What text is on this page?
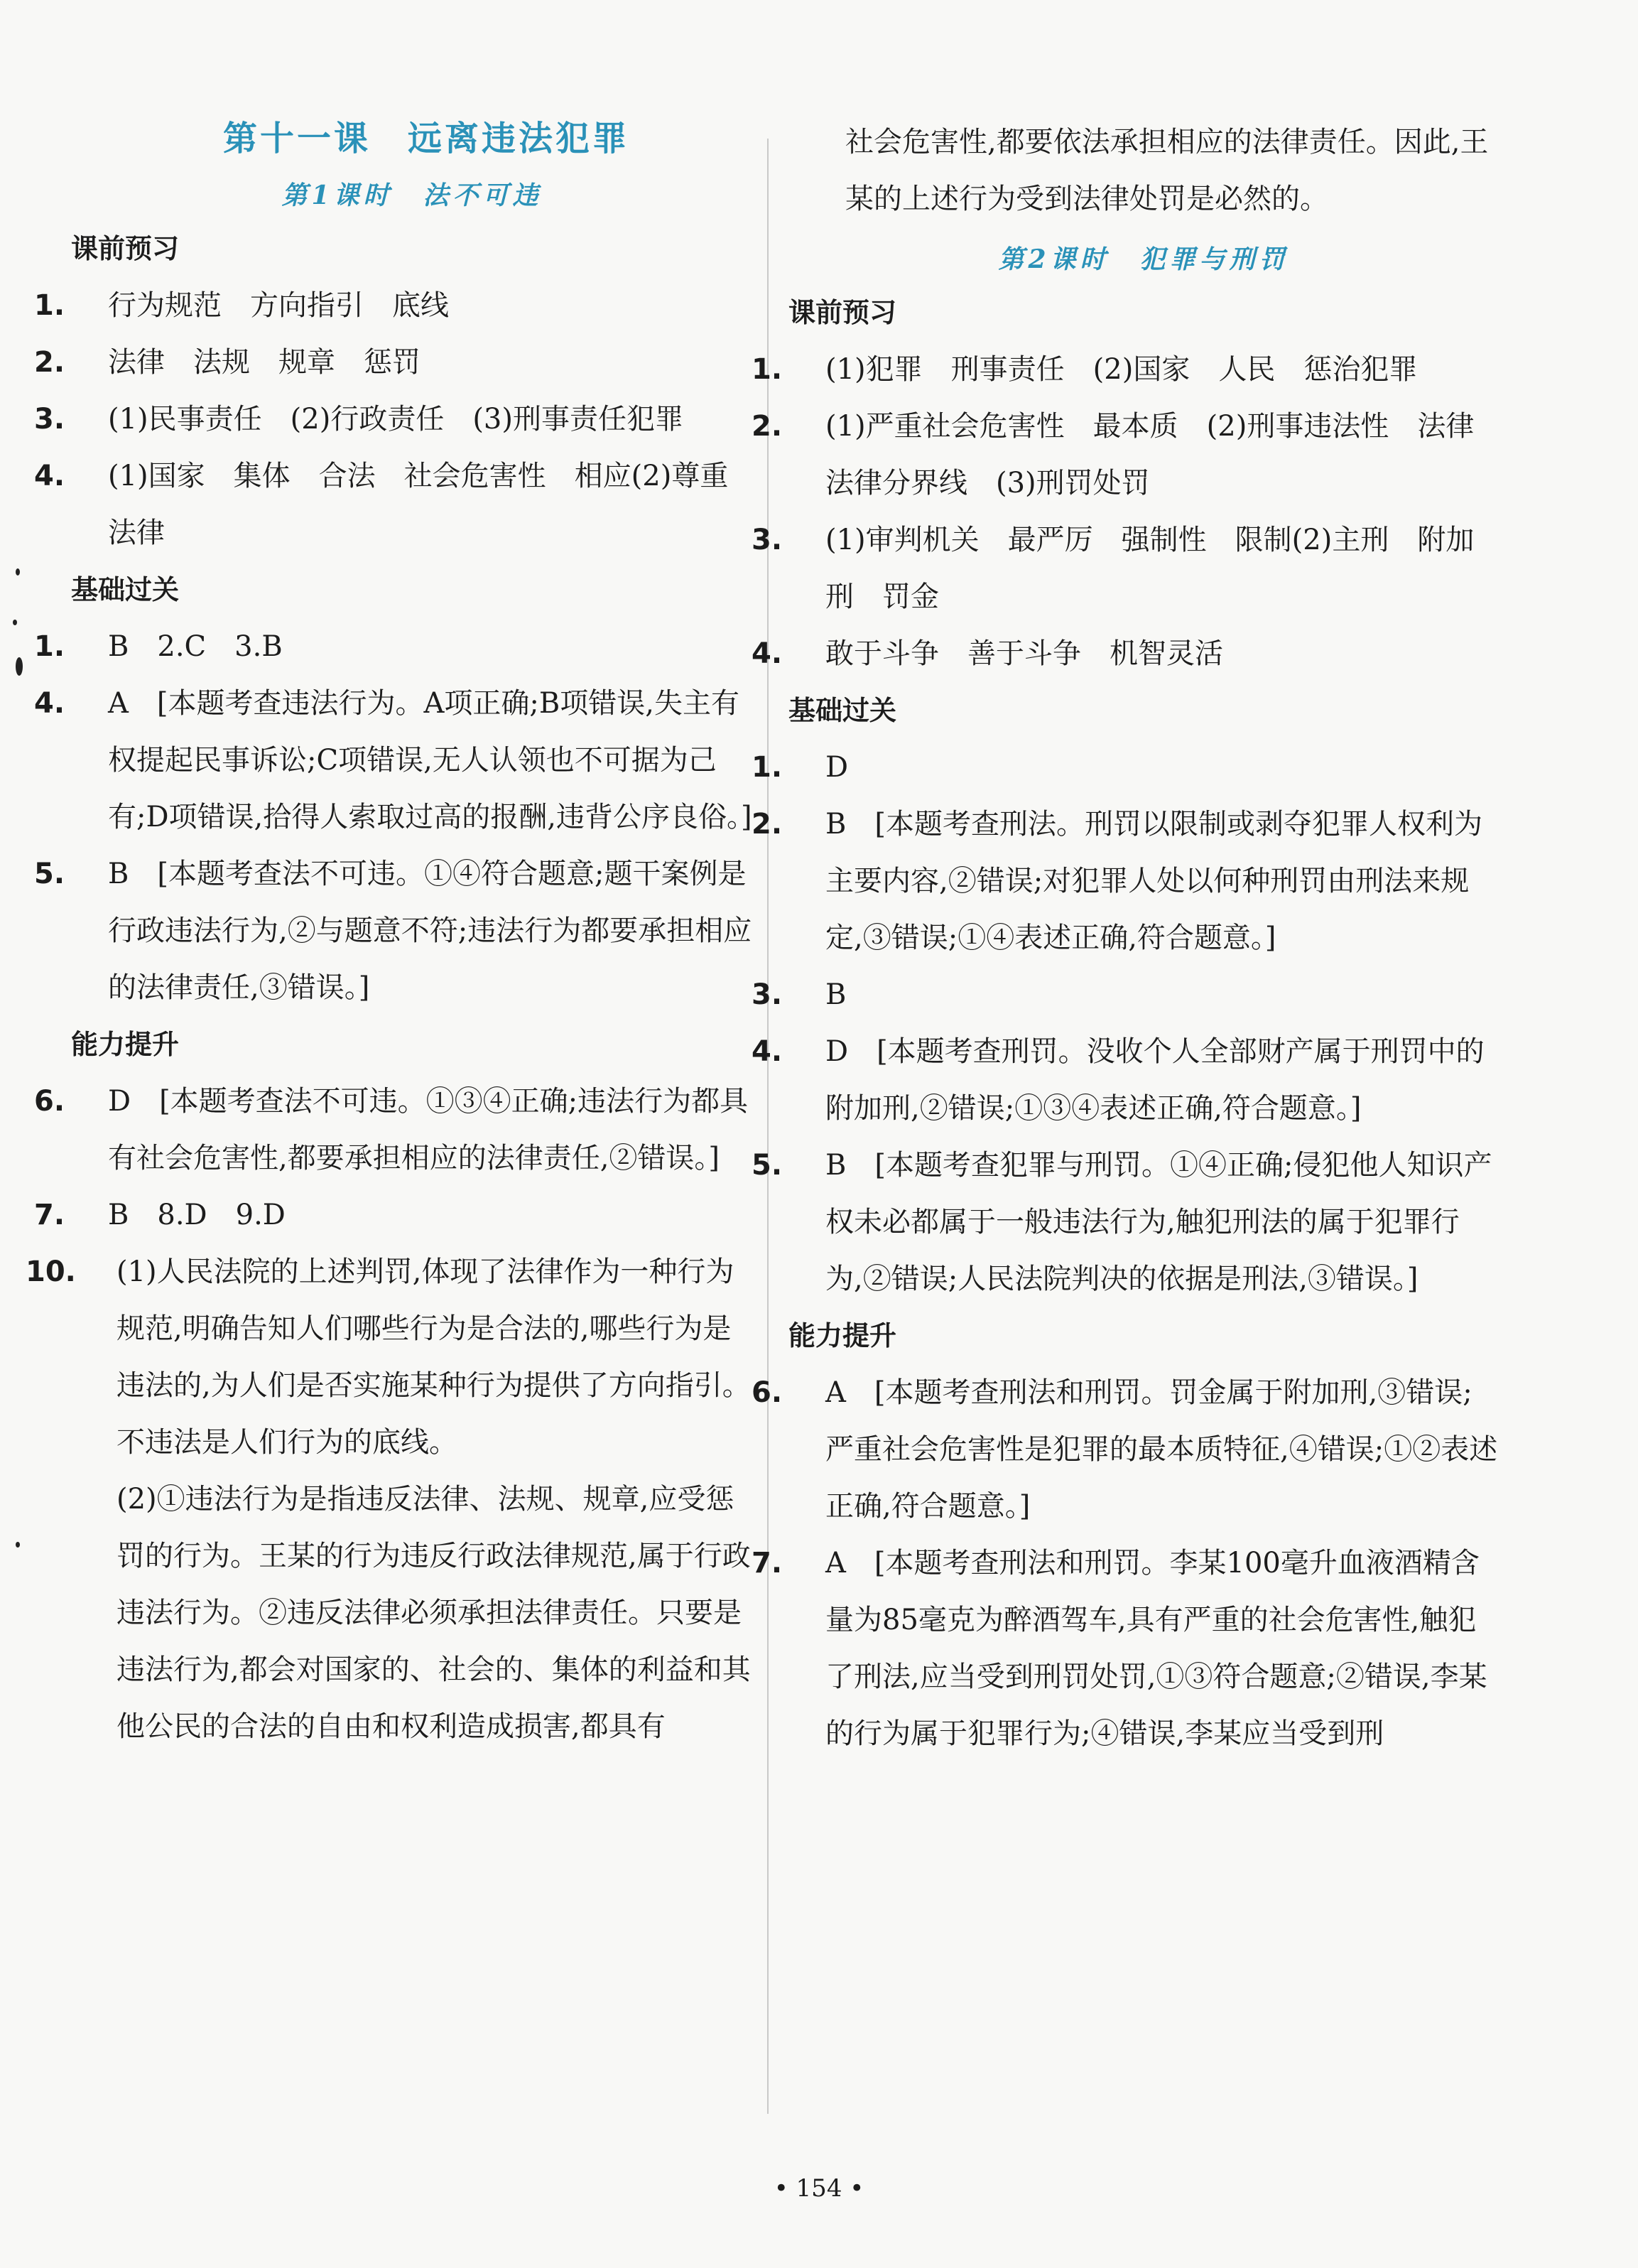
第十一课　远离违法犯罪
第1课时　法不可违
课前预习
1. 行为规范　方向指引　底线
2. 法律　法规　规章　惩罚
3. (1)民事责任　(2)行政责任　(3)刑事责任犯罪
4. (1)国家　集体　合法　社会危害性　相应(2)尊重法律
基础过关
1. B　2.C　3.B
4. A　[本题考查违法行为。A项正确;B项错误,失主有权提起民事诉讼;C项错误,无人认领也不可据为己有;D项错误,拾得人索取过高的报酬,违背公序良俗。]
5. B　[本题考查法不可违。①④符合题意;题干案例是行政违法行为,②与题意不符;违法行为都要承担相应的法律责任,③错误。]
能力提升
6. D　[本题考查法不可违。①③④正确;违法行为都具有社会危害性,都要承担相应的法律责任,②错误。]
7. B　8.D　9.D
10. (1)人民法院的上述判罚,体现了法律作为一种行为规范,明确告知人们哪些行为是合法的,哪些行为是违法的,为人们是否实施某种行为提供了方向指引。不违法是人们行为的底线。
(2)①违法行为是指违反法律、法规、规章,应受惩罚的行为。王某的行为违反行政法律规范,属于行政违法行为。②违反法律必须承担法律责任。只要是违法行为,都会对国家的、社会的、集体的利益和其他公民的合法的自由和权利造成损害,都具有
社会危害性,都要依法承担相应的法律责任。因此,王某的上述行为受到法律处罚是必然的。
第2课时　犯罪与刑罚
课前预习
1. (1)犯罪　刑事责任　(2)国家　人民　惩治犯罪
2. (1)严重社会危害性　最本质　(2)刑事违法性　法律　法律分界线　(3)刑罚处罚
3. (1)审判机关　最严厉　强制性　限制(2)主刑　附加刑　罚金
4. 敢于斗争　善于斗争　机智灵活
基础过关
1. D
2. B　[本题考查刑法。刑罚以限制或剥夺犯罪人权利为主要内容,②错误;对犯罪人处以何种刑罚由刑法来规定,③错误;①④表述正确,符合题意。]
3. B
4. D　[本题考查刑罚。没收个人全部财产属于刑罚中的附加刑,②错误;①③④表述正确,符合题意。]
5. B　[本题考查犯罪与刑罚。①④正确;侵犯他人知识产权未必都属于一般违法行为,触犯刑法的属于犯罪行为,②错误;人民法院判决的依据是刑法,③错误。]
能力提升
6. A　[本题考查刑法和刑罚。罚金属于附加刑,③错误;严重社会危害性是犯罪的最本质特征,④错误;①②表述正确,符合题意。]
7. A　[本题考查刑法和刑罚。李某100毫升血液酒精含量为85毫克为醉酒驾车,具有严重的社会危害性,触犯了刑法,应当受到刑罚处罚,①③符合题意;②错误,李某的行为属于犯罪行为;④错误,李某应当受到刑
• 154 •
